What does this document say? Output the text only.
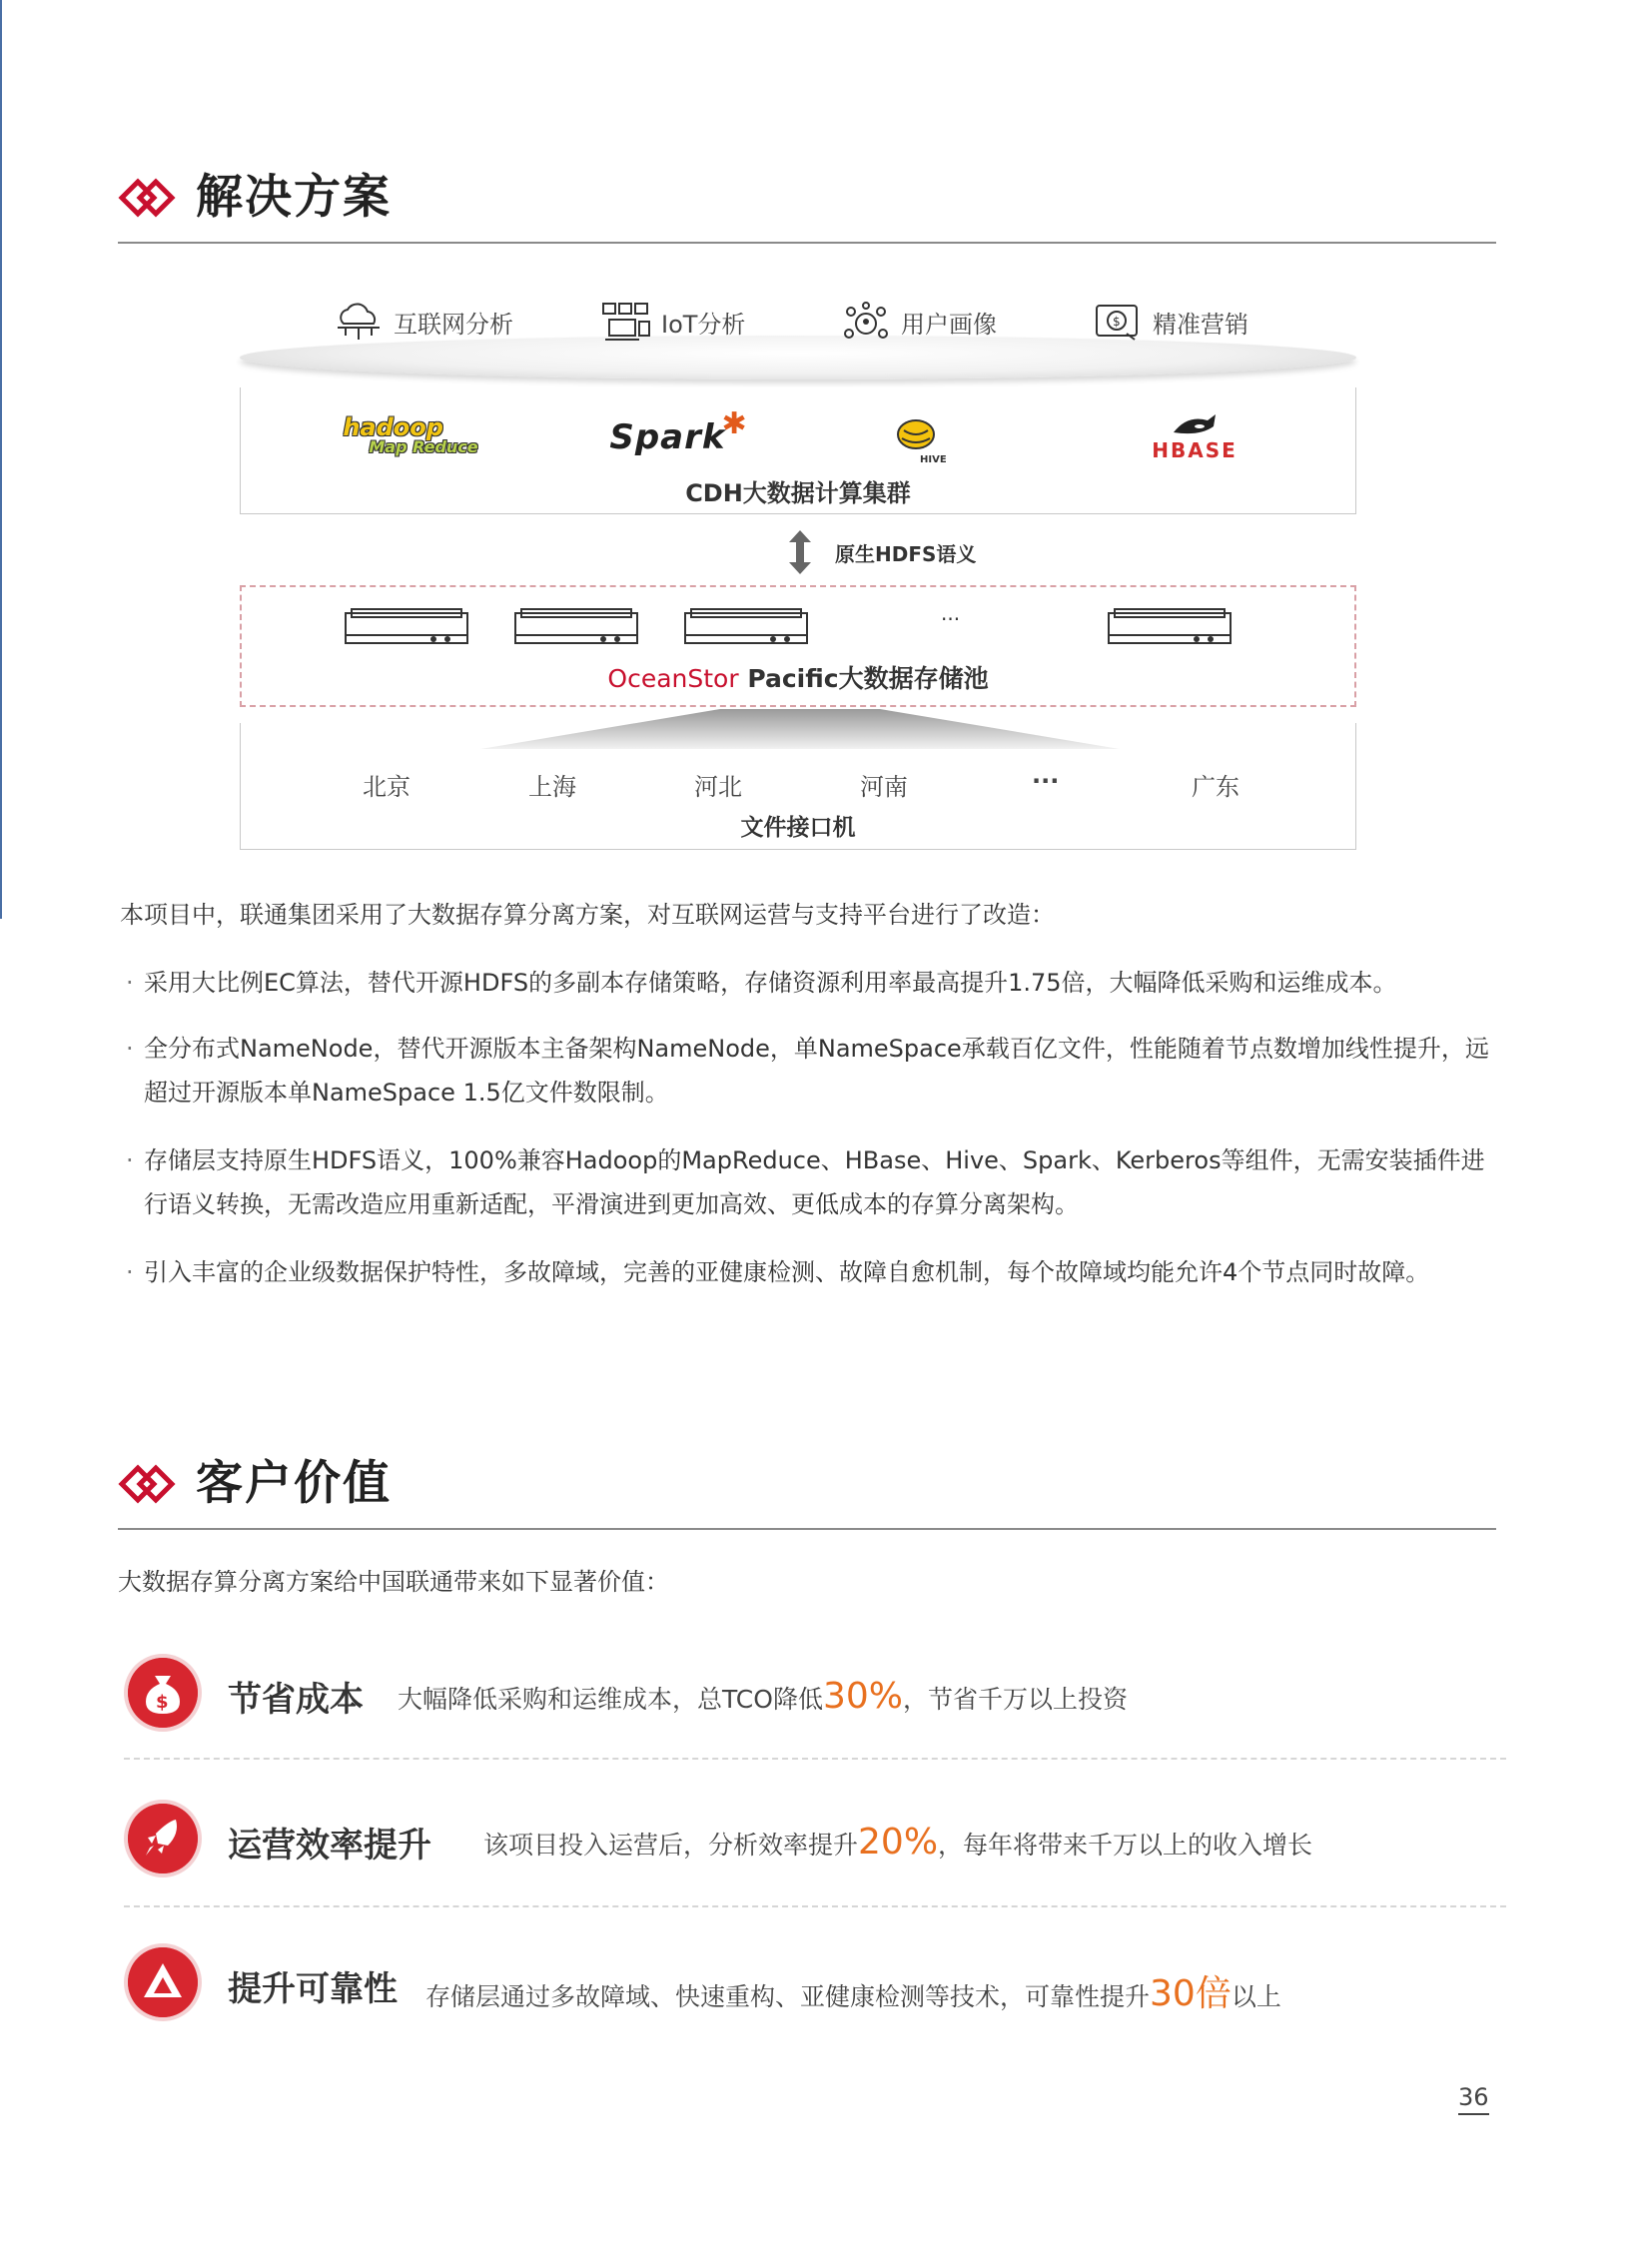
解决方案
互联网分析	IoT分析	用户画像	$ 精准营销
hadoop
Map Reduce	Spark
✱
HIVE	HBASE
CDH大数据计算集群
原生HDFS语义
...
OceanStor Pacific大数据存储池
北京	上海	河北	河南	···	广东
文件接口机
本项目中，联通集团采用了大数据存算分离方案，对互联网运营与支持平台进行了改造：
· 采用大比例EC算法，替代开源HDFS的多副本存储策略，存储资源利用率最高提升1.75倍，大幅降低采购和运维成本。
· 全分布式NameNode，替代开源版本主备架构NameNode，单NameSpace承载百亿文件，性能随着节点数增加线性提升，远超过开源版本单NameSpace 1.5亿文件数限制。
· 存储层支持原生HDFS语义，100%兼容Hadoop的MapReduce、HBase、Hive、Spark、Kerberos等组件，无需安装插件进行语义转换，无需改造应用重新适配，平滑演进到更加高效、更低成本的存算分离架构。
· 引入丰富的企业级数据保护特性，多故障域，完善的亚健康检测、故障自愈机制，每个故障域均能允许4个节点同时故障。
客户价值
大数据存算分离方案给中国联通带来如下显著价值：
$ 节省成本 大幅降低采购和运维成本，总TCO降低30%，节省千万以上投资
运营效率提升 该项目投入运营后，分析效率提升20%，每年将带来千万以上的收入增长
提升可靠性 存储层通过多故障域、快速重构、亚健康检测等技术，可靠性提升30倍以上
36
